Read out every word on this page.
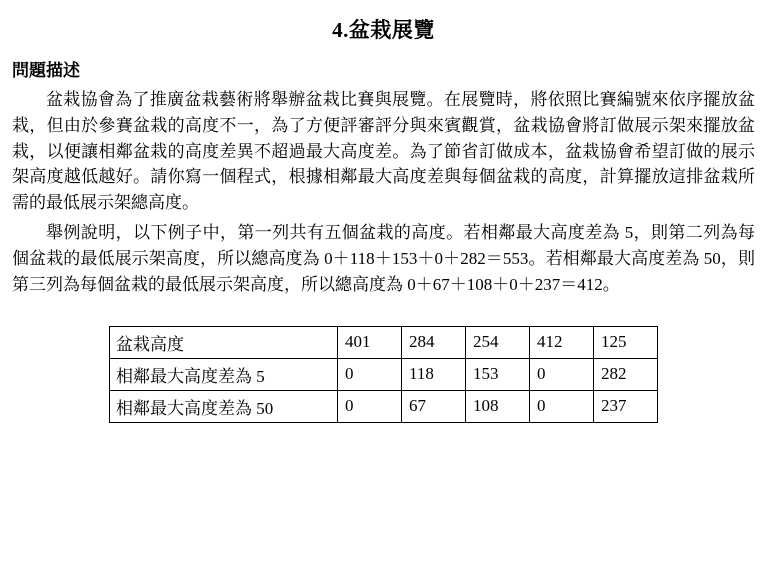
4.盆栽展覽
問題描述

盆栽協會為了推廣盆栽藝術將舉辦盆栽比賽與展覽。在展覽時，將依照比賽編號來依序擺放盆栽，但由於參賽盆栽的高度不一，為了方便評審評分與來賓觀賞，盆栽協會將訂做展示架來擺放盆栽，以便讓相鄰盆栽的高度差異不超過最大高度差。為了節省訂做成本，盆栽協會希望訂做的展示架高度越低越好。請你寫一個程式，根據相鄰最大高度差與每個盆栽的高度，計算擺放這排盆栽所需的最低展示架總高度。

舉例說明，以下例子中，第一列共有五個盆栽的高度。若相鄰最大高度差為 5，則第二列為每個盆栽的最低展示架高度，所以總高度為 0＋118＋153＋0＋282＝553。若相鄰最大高度差為 50，則第三列為每個盆栽的最低展示架高度，所以總高度為 0＋67＋108＋0＋237＝412。

盆栽高度	401	284	254	412	125
相鄰最大高度差為 5	0	118	153	0	282
相鄰最大高度差為 50	0	67	108	0	237
